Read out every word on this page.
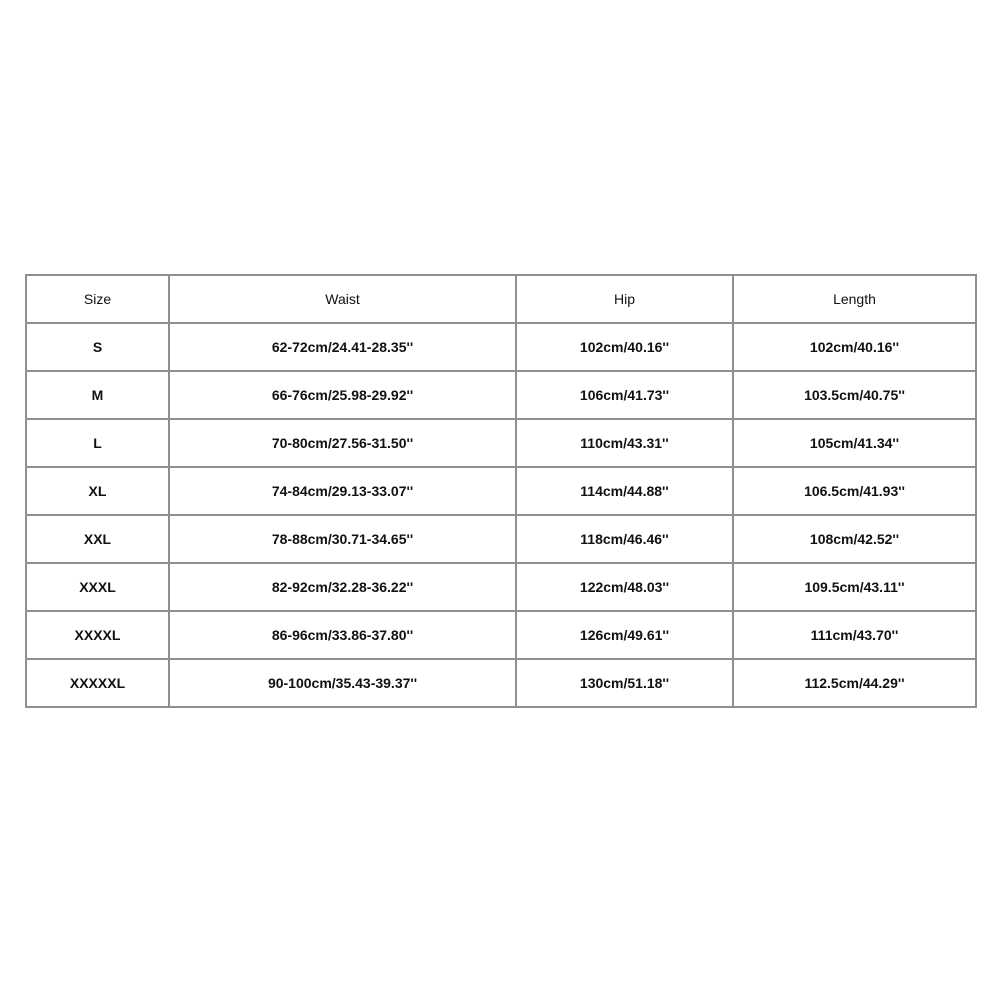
Size	Waist	Hip	Length
S	62-72cm/24.41-28.35''	102cm/40.16''	102cm/40.16''
M	66-76cm/25.98-29.92''	106cm/41.73''	103.5cm/40.75''
L	70-80cm/27.56-31.50''	110cm/43.31''	105cm/41.34''
XL	74-84cm/29.13-33.07''	114cm/44.88''	106.5cm/41.93''
XXL	78-88cm/30.71-34.65''	118cm/46.46''	108cm/42.52''
XXXL	82-92cm/32.28-36.22''	122cm/48.03''	109.5cm/43.11''
XXXXL	86-96cm/33.86-37.80''	126cm/49.61''	111cm/43.70''
XXXXXL	90-100cm/35.43-39.37''	130cm/51.18''	112.5cm/44.29''
